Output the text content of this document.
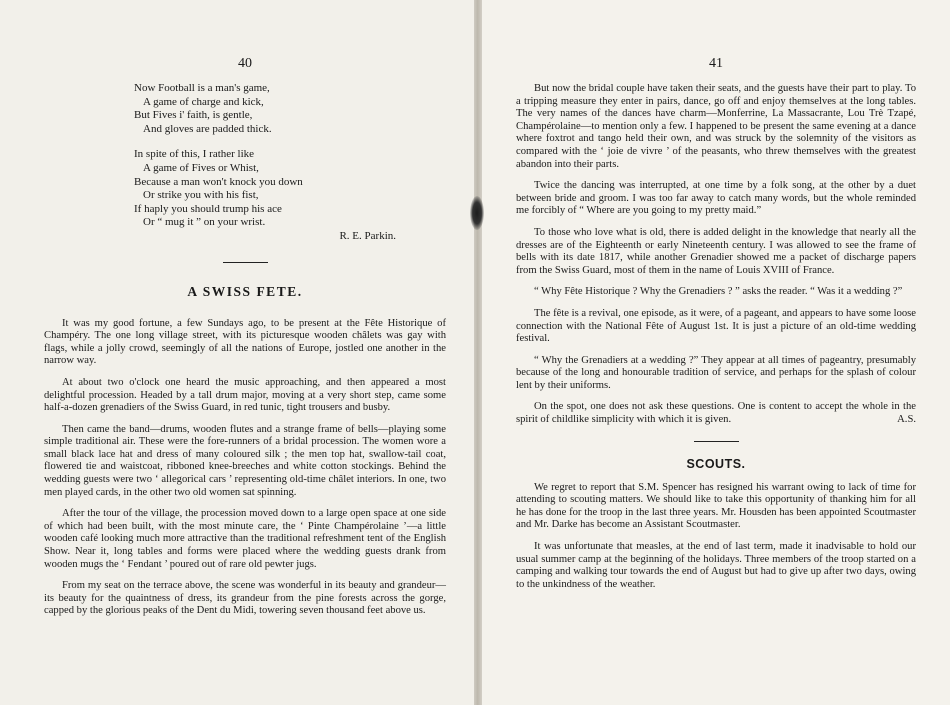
40
Now Football is a man's game,
A game of charge and kick,
But Fives i' faith, is gentle,
And gloves are padded thick.
In spite of this, I rather like
A game of Fives or Whist,
Because a man won't knock you down
Or strike you with his fist,
If haply you should trump his ace
Or “ mug it ” on your wrist.
R. E. Parkin.
A SWISS FETE.

It was my good fortune, a few Sundays ago, to be present at the Fête Historique of Champéry. The one long village street, with its picturesque wooden châlets was gay with flags, while a jolly crowd, seemingly of all the nations of Europe, jostled one another in the narrow way.

At about two o'clock one heard the music approaching, and then appeared a most delightful procession. Headed by a tall drum major, moving at a very short step, came some half-a-dozen grenadiers of the Swiss Guard, in red tunic, tight trousers and busby.

Then came the band—drums, wooden flutes and a strange frame of bells—playing some simple traditional air. These were the fore-runners of a bridal procession. The women wore a small black lace hat and dress of many coloured silk ; the men top hat, swallow-tail coat, flowered tie and waistcoat, ribboned knee-breeches and white cotton stockings. Behind the wedding guests were two ‘ allegorical cars ’ representing old-time châlet interiors. In one, two men played cards, in the other two old women sat spinning.

After the tour of the village, the procession moved down to a large open space at one side of which had been built, with the most minute care, the ‘ Pinte Champérolaine ’—a little wooden café looking much more attractive than the traditional refreshment tent of the English Show. Near it, long tables and forms were placed where the wedding guests drank from wooden mugs the ‘ Fendant ’ poured out of rare old pewter jugs.

From my seat on the terrace above, the scene was wonderful in its beauty and grandeur—its beauty for the quaintness of dress, its grandeur from the pine forests across the gorge, capped by the glorious peaks of the Dent du Midi, towering seven thousand feet above us.

41

But now the bridal couple have taken their seats, and the guests have their part to play. To a tripping measure they enter in pairs, dance, go off and enjoy themselves at the long tables. The very names of the dances have charm—Monferrine, La Massacrante, Lou Trè Tzapé, Champérolaine—to mention only a few. I happened to be present the same evening at a dance where foxtrot and tango held their own, and was struck by the solemnity of the visitors as compared with the ‘ joie de vivre ’ of the peasants, who threw themselves with the greatest abandon into their parts.

Twice the dancing was interrupted, at one time by a folk song, at the other by a duet between bride and groom. I was too far away to catch many words, but the whole reminded me forcibly of “ Where are you going to my pretty maid.”

To those who love what is old, there is added delight in the knowledge that nearly all the dresses are of the Eighteenth or early Nineteenth century. I was allowed to see the frame of bells with its date 1817, while another Grenadier showed me a packet of discharge papers from the Swiss Guard, most of them in the name of Louis XVIII of France.

“ Why Fête Historique ? Why the Grenadiers ? ” asks the reader. “ Was it a wedding ?”

The fête is a revival, one episode, as it were, of a pageant, and appears to have some loose connection with the National Fête of August 1st. It is just a picture of an old-time wedding festival.

“ Why the Grenadiers at a wedding ?” They appear at all times of pageantry, presumably because of the long and honourable tradition of service, and perhaps for the splash of colour lent by their uniforms.

On the spot, one does not ask these questions. One is content to accept the whole in the spirit of childlike simplicity with which it is given.	A.S.

SCOUTS.

We regret to report that S.M. Spencer has resigned his warrant owing to lack of time for attending to scouting matters. We should like to take this opportunity of thanking him for all he has done for the troop in the last three years. Mr. Housden has been appointed Scoutmaster and Mr. Darke has become an Assistant Scoutmaster.

It was unfortunate that measles, at the end of last term, made it inadvisable to hold our usual summer camp at the beginning of the holidays. Three members of the troop started on a camping and walking tour towards the end of August but had to give up after two days, owing to the unkindness of the weather.
